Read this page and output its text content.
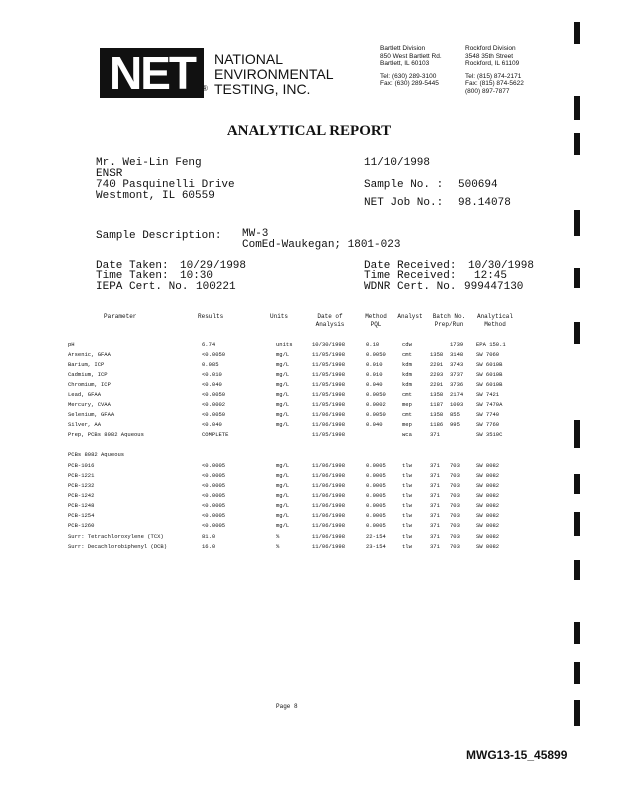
NET ®
NATIONAL
ENVIRONMENTAL
TESTING, INC.
Bartlett Division
850 West Bartlett Rd.
Bartlett, IL 60103
Tel: (630) 289-3100
Fax: (630) 289-5445
Rockford Division
3548 35th Street
Rockford, IL 61109
Tel: (815) 874-2171
Fax: (815) 874-5622
(800) 897-7877
ANALYTICAL REPORT
Mr. Wei-Lin Feng
ENSR
740 Pasquinelli Drive
Westmont, IL 60559
11/10/1998
Sample No. : 500694
NET Job No.: 98.14078
Sample Description: MW-3
ComEd-Waukegan; 1801-023
Date Taken: 10/29/1998
Time Taken: 10:30
IEPA Cert. No. 100221
Date Received: 10/30/1998
Time Received: 12:45
WDNR Cert. No. 999447130
Parameter	Results	Units	Date of
Analysis
Method
PQL
Analyst	Batch No.
Prep/Run
Analytical
Method
pH	6.74	units	10/30/1998	0.10	cdw	1739 EPA 150.1
Arsenic, GFAA	<0.0050	mg/L	11/05/1998	0.0050	cmt	1358 3148 SW 7060
Barium, ICP	0.085	mg/L	11/05/1998	0.010	kdm	2201 3743 SW 6010B
Cadmium, ICP	<0.010	mg/L	11/05/1998	0.010	kdm	2203 3737 SW 6010B
Chromium, ICP	<0.040	mg/L	11/05/1998	0.040	kdm	2201 3736 SW 6010B
Lead, GFAA	<0.0050	mg/L	11/05/1998	0.0050	cmt	1358 2174 SW 7421
Mercury, CVAA	<0.0002	mg/L	11/05/1998	0.0002	mep	1187 1093 SW 7470A
Selenium, GFAA	<0.0050	mg/L	11/06/1998	0.0050	cmt	1358 855	SW 7740
Silver, AA	<0.040	mg/L	11/06/1998	0.040	mep	1186 995	SW 7760
Prep, PCBs 8082 Aqueous	COMPLETE	11/05/1998	wca	371	SW 3510C
PCBs 8082 Aqueous
PCB-1016	<0.0005	mg/L	11/06/1998	0.0005	tlw	371 703	SW 8082
PCB-1221	<0.0005	mg/L	11/06/1998	0.0005	tlw	371 703	SW 8082
PCB-1232	<0.0005	mg/L	11/06/1998	0.0005	tlw	371 703	SW 8082
PCB-1242	<0.0005	mg/L	11/06/1998	0.0005	tlw	371 703	SW 8082
PCB-1248	<0.0005	mg/L	11/06/1998	0.0005	tlw	371 703	SW 8082
PCB-1254	<0.0005	mg/L	11/06/1998	0.0005	tlw	371 703	SW 8082
PCB-1260	<0.0005	mg/L	11/06/1998	0.0005	tlw	371 703	SW 8082
Surr: Tetrachloroxylene (TCX)	81.0	%	11/06/1998	22-154	tlw	371 703	SW 8082
Surr: Decachlorobiphenyl (DCB)	16.0	%	11/06/1998	23-154	tlw	371 703	SW 8082
Page 8
MWG13-15_45899
